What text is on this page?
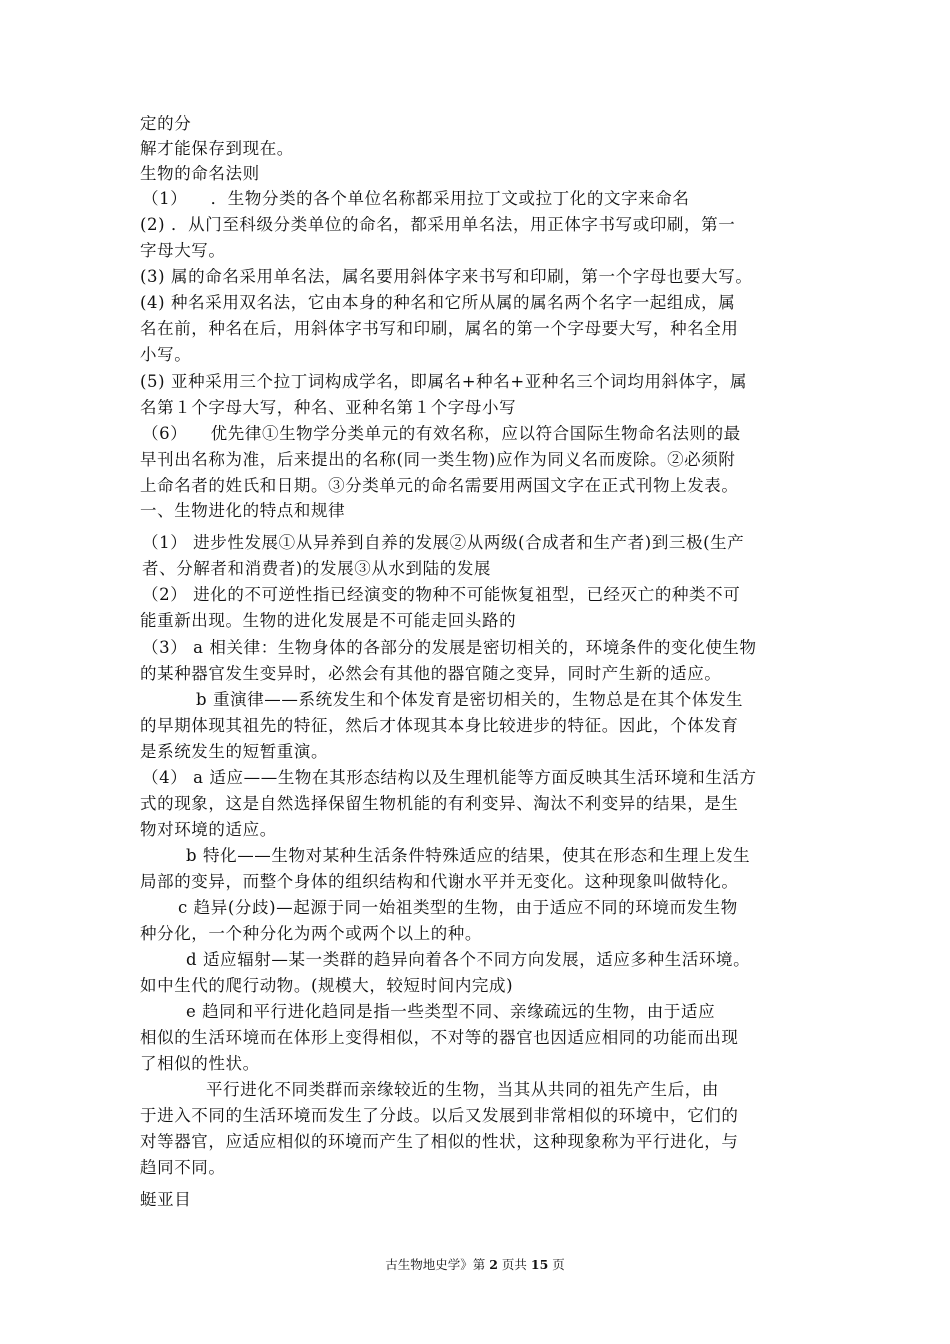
定的分
解才能保存到现在。
生物的命名法则
（1）    ．生物分类的各个单位名称都采用拉丁文或拉丁化的文字来命名
(2) ．从门至科级分类单位的命名，都采用单名法，用正体字书写或印刷，第一
字母大写。
(3) 属的命名采用单名法，属名要用斜体字来书写和印刷，第一个字母也要大写。
(4) 种名采用双名法，它由本身的种名和它所从属的属名两个名字一起组成，属
名在前，种名在后，用斜体字书写和印刷，属名的第一个字母要大写，种名全用
小写。
(5) 亚种采用三个拉丁词构成学名，即属名+种名+亚种名三个词均用斜体字，属
名第１个字母大写，种名、亚种名第１个字母小写
（6）    优先律①生物学分类单元的有效名称，应以符合国际生物命名法则的最
早刊出名称为准，后来提出的名称(同一类生物)应作为同义名而废除。②必须附
上命名者的姓氏和日期。③分类单元的命名需要用两国文字在正式刊物上发表。
一、生物进化的特点和规律
（1） 进步性发展①从异养到自养的发展②从两级(合成者和生产者)到三极(生产
者、分解者和消费者)的发展③从水到陆的发展
（2） 进化的不可逆性指已经演变的物种不可能恢复祖型，已经灭亡的种类不可
能重新出现。生物的进化发展是不可能走回头路的
（3） a 相关律：生物身体的各部分的发展是密切相关的，环境条件的变化使生物
的某种器官发生变异时，必然会有其他的器官随之变异，同时产生新的适应。
b 重演律——系统发生和个体发育是密切相关的，生物总是在其个体发生
的早期体现其祖先的特征，然后才体现其本身比较进步的特征。因此，个体发育
是系统发生的短暂重演。
（4） a 适应——生物在其形态结构以及生理机能等方面反映其生活环境和生活方
式的现象，这是自然选择保留生物机能的有利变异、淘汰不利变异的结果，是生
物对环境的适应。
b 特化——生物对某种生活条件特殊适应的结果，使其在形态和生理上发生
局部的变异，而整个身体的组织结构和代谢水平并无变化。这种现象叫做特化。
c 趋异(分歧)—起源于同一始祖类型的生物，由于适应不同的环境而发生物
种分化，一个种分化为两个或两个以上的种。
d 适应辐射—某一类群的趋异向着各个不同方向发展，适应多种生活环境。
如中生代的爬行动物。(规模大，较短时间内完成)
e 趋同和平行进化趋同是指一些类型不同、亲缘疏远的生物，由于适应
相似的生活环境而在体形上变得相似，不对等的器官也因适应相同的功能而出现
了相似的性状。
平行进化不同类群而亲缘较近的生物，当其从共同的祖先产生后，由
于进入不同的生活环境而发生了分歧。以后又发展到非常相似的环境中，它们的
对等器官，应适应相似的环境而产生了相似的性状，这种现象称为平行进化，与
趋同不同。
蜓亚目
古生物地史学》第 2 页共 15 页
